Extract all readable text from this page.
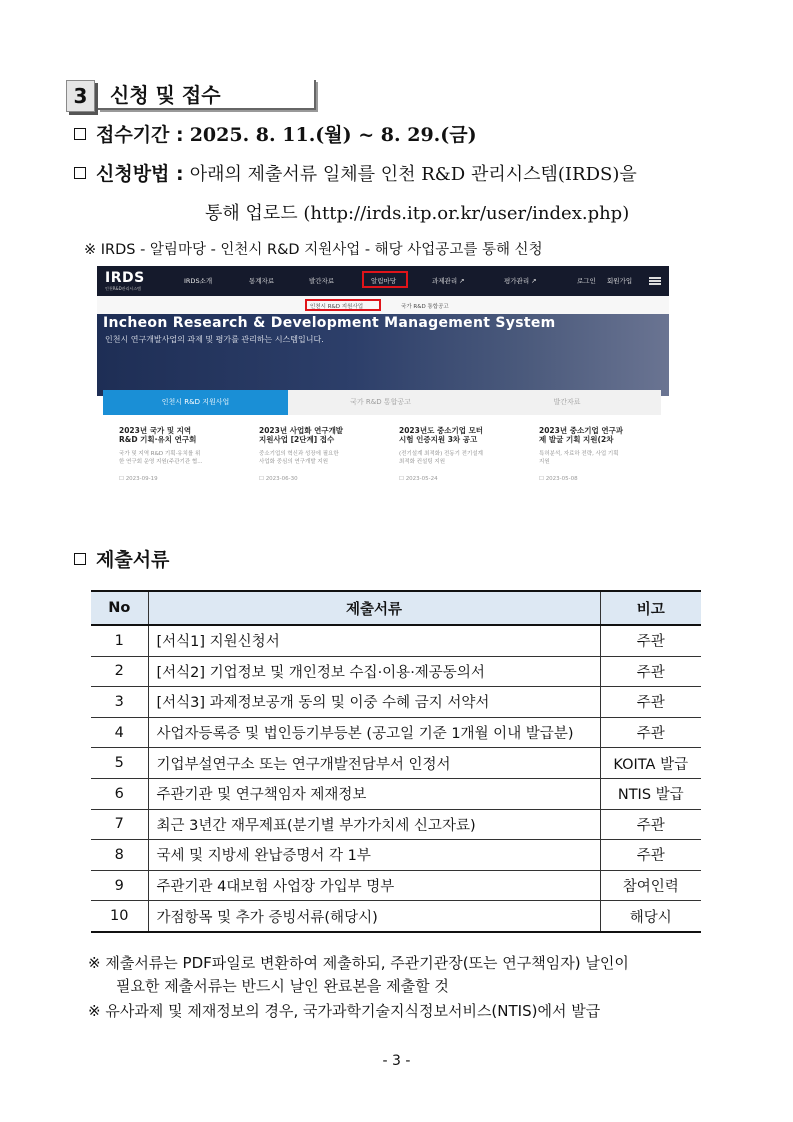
3	신청 및 접수
접수기간 : 2025. 8. 11.(월) ~ 8. 29.(금)
신청방법 : 아래의 제출서류 일체를 인천 R&D 관리시스템(IRDS)을
통해 업로드 (http://irds.itp.or.kr/user/index.php)
※ IRDS - 알림마당 - 인천시 R&D 지원사업 - 해당 사업공고를 통해 신청
IRDS
인천R&D관리시스템
IRDS소개	통계자료	발간자료	알림마당	과제관리 ↗	평가관리 ↗	로그인 회원가입
인천시 R&D 지원사업	국가 R&D 통합공고
Incheon Research & Development Management System
인천시 연구개발사업의 과제 및 평가를 관리하는 시스템입니다.
인천시 R&D 지원사업	국가 R&D 통합공고	발간자료
2023년 국가 및 지역
R&D 기획·유치 연구회
국가 및 지역 R&D 기획·유치를 위
한 연구회 운영 지원(주관기관 협...
☐ 2023-09-19
2023년 사업화 연구개발
지원사업 [2단계] 접수
중소기업의 혁신과 성장에 필요한
사업화 중심의 연구개발 지원
☐ 2023-06-30
2023년도 중소기업 모터
시험 인증지원 3차 공고
(전기설계 최적화) 전동기 전기설계
최적화 컨설팅 지원
☐ 2023-05-24
2023년 중소기업 연구과
제 발굴 기획 지원(2차
특허분석, 자료하 전략, 사업 기획
지원
☐ 2023-05-08
제출서류
No	제출서류	비고
1	[서식1] 지원신청서	주관
2	[서식2] 기업정보 및 개인정보 수집·이용·제공동의서	주관
3	[서식3] 과제정보공개 동의 및 이중 수혜 금지 서약서	주관
4	사업자등록증 및 법인등기부등본 (공고일 기준 1개월 이내 발급분)	주관
5	기업부설연구소 또는 연구개발전담부서 인정서	KOITA 발급
6	주관기관 및 연구책임자 제재정보	NTIS 발급
7	최근 3년간 재무제표(분기별 부가가치세 신고자료)	주관
8	국세 및 지방세 완납증명서 각 1부	주관
9	주관기관 4대보험 사업장 가입부 명부	참여인력
10	가점항목 및 추가 증빙서류(해당시)	해당시
※ 제출서류는 PDF파일로 변환하여 제출하되, 주관기관장(또는 연구책임자) 날인이
필요한 제출서류는 반드시 날인 완료본을 제출할 것
※ 유사과제 및 제재정보의 경우, 국가과학기술지식정보서비스(NTIS)에서 발급
- 3 -
